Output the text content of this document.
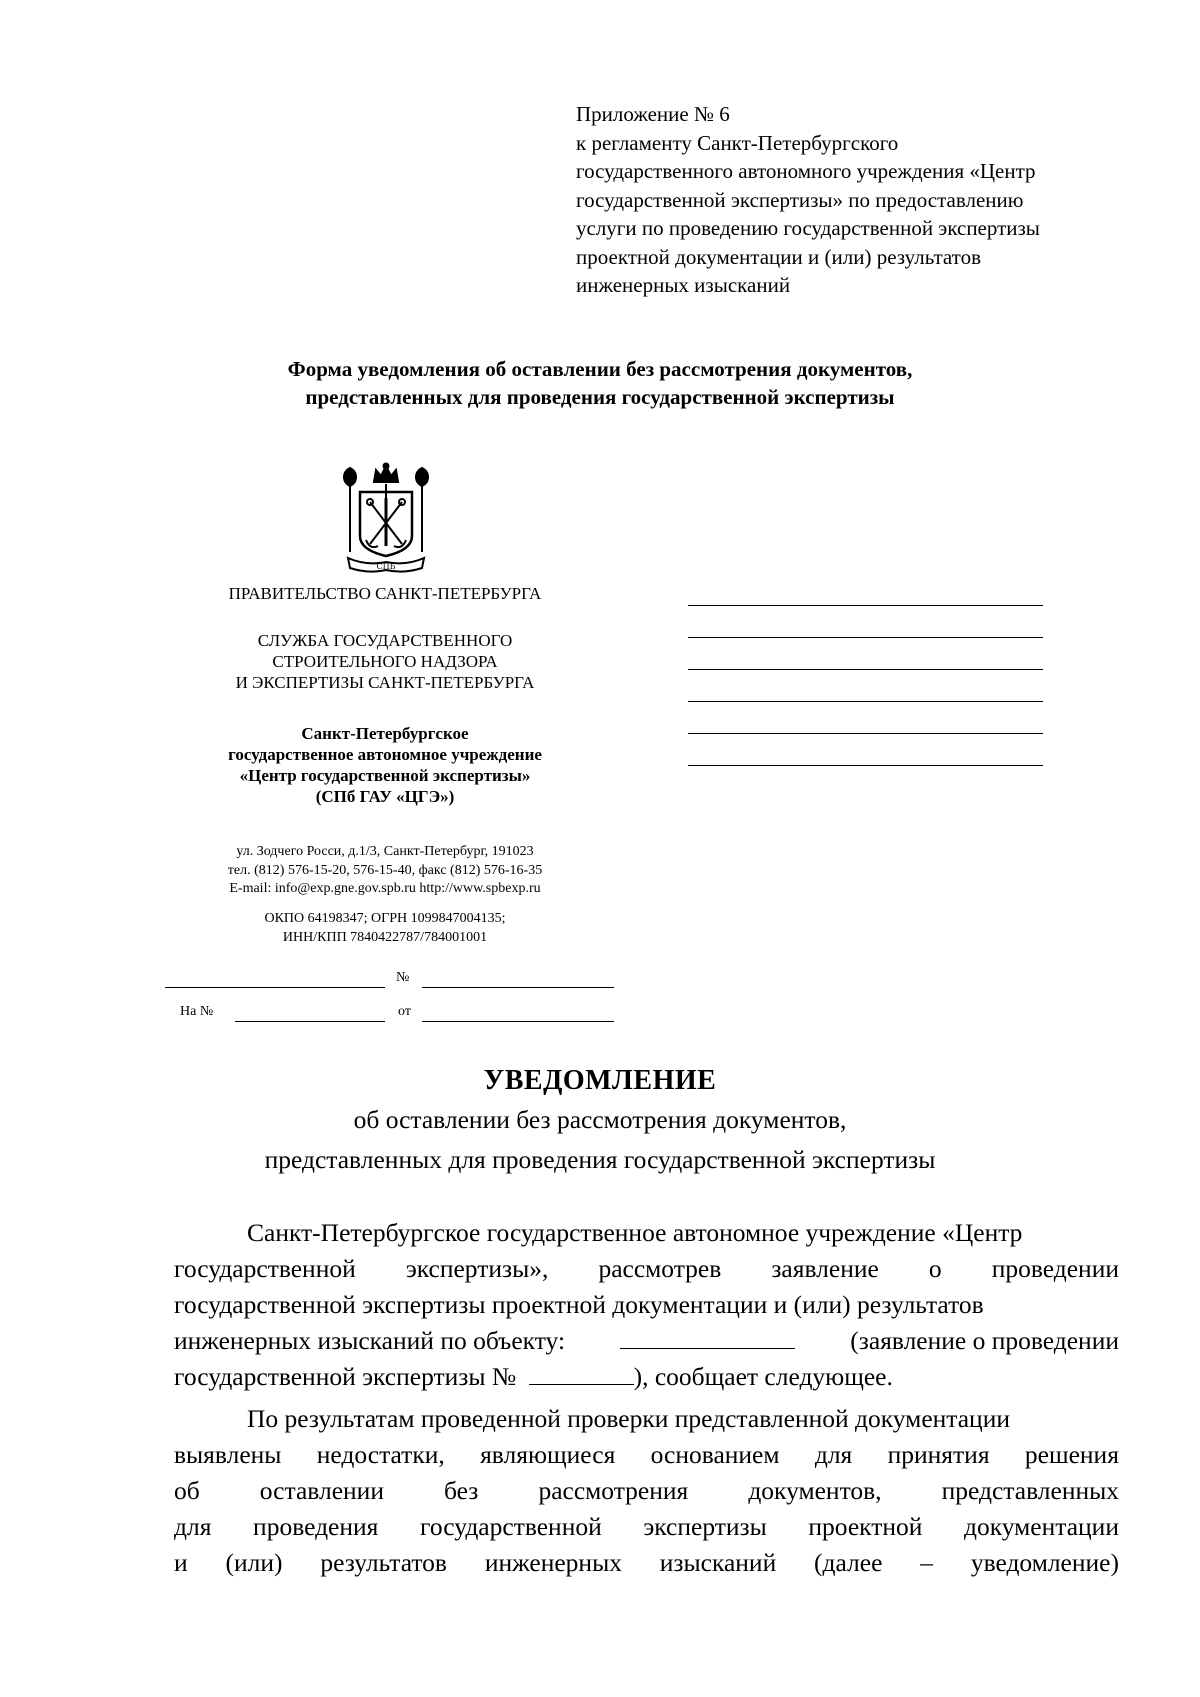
Приложение № 6
к регламенту Санкт-Петербургского
государственного автономного учреждения «Центр
государственной экспертизы» по предоставлению
услуги по проведению государственной экспертизы
проектной документации и (или) результатов
инженерных изысканий
Форма уведомления об оставлении без рассмотрения документов,
представленных для проведения государственной экспертизы
СПБ
ПРАВИТЕЛЬСТВО САНКТ-ПЕТЕРБУРГА
СЛУЖБА ГОСУДАРСТВЕННОГО
СТРОИТЕЛЬНОГО НАДЗОРА
И ЭКСПЕРТИЗЫ САНКТ-ПЕТЕРБУРГА
Санкт-Петербургское
государственное автономное учреждение
«Центр государственной экспертизы»
(СПб ГАУ «ЦГЭ»)
ул. Зодчего Росси, д.1/3, Санкт-Петербург, 191023
тел. (812) 576-15-20, 576-15-40, факс (812) 576-16-35
E-mail: info@exp.gne.gov.spb.ru http://www.spbexp.ru
ОКПО 64198347; ОГРН 1099847004135;
ИНН/КПП 7840422787/784001001
№
На №	от
УВЕДОМЛЕНИЕ
об оставлении без рассмотрения документов,
представленных для проведения государственной экспертизы
Санкт-Петербургское государственное автономное учреждение «Центр
государственной экспертизы», рассмотрев заявление о проведении
государственной экспертизы проектной документации и (или) результатов
инженерных изысканий по объекту:	(заявление о проведении
государственной экспертизы №	), сообщает следующее.
По результатам проведенной проверки представленной документации
выявлены недостатки, являющиеся основанием для принятия решения
об оставлении без рассмотрения документов, представленных
для проведения государственной экспертизы проектной документации
и (или) результатов инженерных изысканий (далее – уведомление)
